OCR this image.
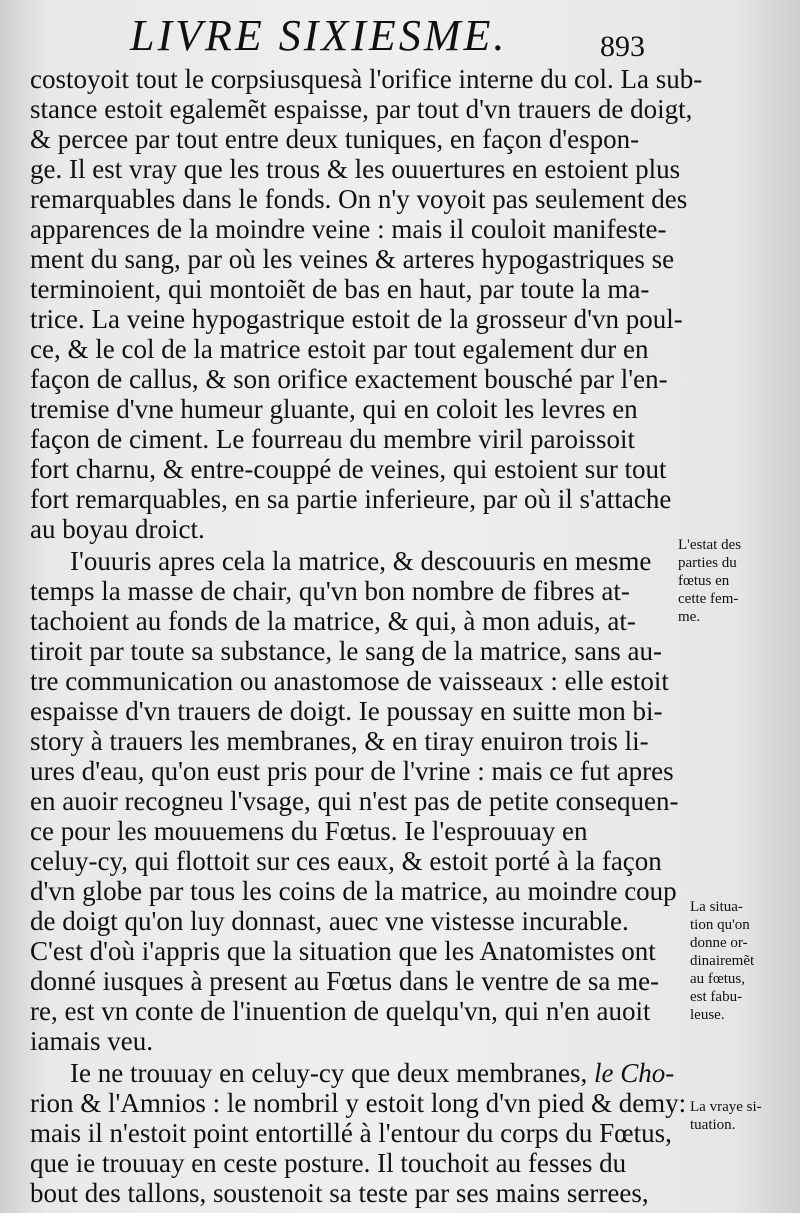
LIVRE SIXIESME.	893
costoyoit tout le corpsiusquesà l'orifice interne du col. La sub-
stance estoit egalemẽt espaisse, par tout d'vn trauers de doigt,
& percee par tout entre deux tuniques, en façon d'espon-
ge. Il est vray que les trous & les ouuertures en estoient plus
remarquables dans le fonds. On n'y voyoit pas seulement des
apparences de la moindre veine : mais il couloit manifeste-
ment du sang, par où les veines & arteres hypogastriques se
terminoient, qui montoiẽt de bas en haut, par toute la ma-
trice. La veine hypogastrique estoit de la grosseur d'vn poul-
ce, & le col de la matrice estoit par tout egalement dur en
façon de callus, & son orifice exactement bousché par l'en-
tremise d'vne humeur gluante, qui en coloit les levres en
façon de ciment. Le fourreau du membre viril paroissoit
fort charnu, & entre-couppé de veines, qui estoient sur tout
fort remarquables, en sa partie inferieure, par où il s'attache
au boyau droict.
I'ouuris apres cela la matrice, & descouuris en mesme
temps la masse de chair, qu'vn bon nombre de fibres at-
tachoient au fonds de la matrice, & qui, à mon aduis, at-
tiroit par toute sa substance, le sang de la matrice, sans au-
tre communication ou anastomose de vaisseaux : elle estoit
espaisse d'vn trauers de doigt. Ie poussay en suitte mon bi-
story à trauers les membranes, & en tiray enuiron trois li-
ures d'eau, qu'on eust pris pour de l'vrine : mais ce fut apres
en auoir recogneu l'vsage, qui n'est pas de petite consequen-
ce pour les mouuemens du Fœtus. Ie l'esprouuay en
celuy-cy, qui flottoit sur ces eaux, & estoit porté à la façon
d'vn globe par tous les coins de la matrice, au moindre coup
de doigt qu'on luy donnast, auec vne vistesse incurable.
C'est d'où i'appris que la situation que les Anatomistes ont
donné iusques à present au Fœtus dans le ventre de sa me-
re, est vn conte de l'inuention de quelqu'vn, qui n'en auoit
iamais veu.
Ie ne trouuay en celuy-cy que deux membranes, le Cho-
rion & l'Amnios : le nombril y estoit long d'vn pied & demy:
mais il n'estoit point entortillé à l'entour du corps du Fœtus,
que ie trouuay en ceste posture. Il touchoit au fesses du
bout des tallons, soustenoit sa teste par ses mains serrees,
L'estat des
parties du
fœtus en
cette fem-
me.
La situa-
tion qu'on
donne or-
dinairemẽt
au fœtus,
est fabu-
leuse.
La vraye si-
tuation.
